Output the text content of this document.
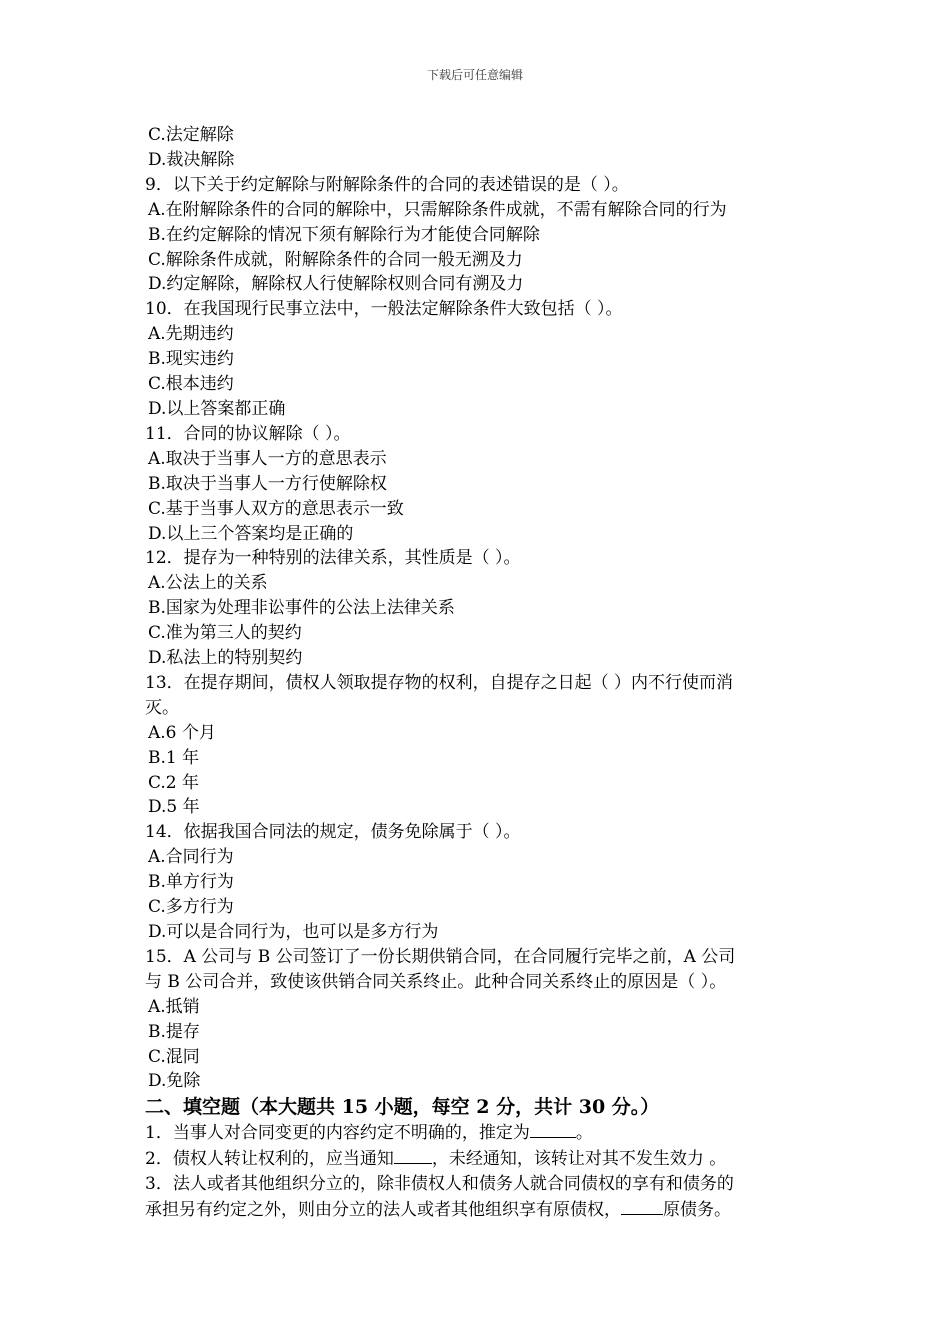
下载后可任意编辑
C.法定解除
D.裁决解除
9．以下关于约定解除与附解除条件的合同的表述错误的是（ ）。
A.在附解除条件的合同的解除中，只需解除条件成就，不需有解除合同的行为
B.在约定解除的情况下须有解除行为才能使合同解除
C.解除条件成就，附解除条件的合同一般无溯及力
D.约定解除，解除权人行使解除权则合同有溯及力
10．在我国现行民事立法中，一般法定解除条件大致包括（ ）。
A.先期违约
B.现实违约
C.根本违约
D.以上答案都正确
11．合同的协议解除（ ）。
A.取决于当事人一方的意思表示
B.取决于当事人一方行使解除权
C.基于当事人双方的意思表示一致
D.以上三个答案均是正确的
12．提存为一种特别的法律关系，其性质是（ ）。
A.公法上的关系
B.国家为处理非讼事件的公法上法律关系
C.准为第三人的契约
D.私法上的特别契约
13．在提存期间，债权人领取提存物的权利，自提存之日起（ ）内不行使而消
灭。
A.6 个月
B.1 年
C.2 年
D.5 年
14．依据我国合同法的规定，债务免除属于（ ）。
A.合同行为
B.单方行为
C.多方行为
D.可以是合同行为，也可以是多方行为
15．A 公司与 B 公司签订了一份长期供销合同，在合同履行完毕之前，A 公司
与 B 公司合并，致使该供销合同关系终止。此种合同关系终止的原因是（ ）。
A.抵销
B.提存
C.混同
D.免除
二、填空题（本大题共 15 小题，每空 2 分，共计 30 分。）
1．当事人对合同变更的内容约定不明确的，推定为	。
2．债权人转让权利的，应当通知 ，未经通知，该转让对其不发生效力 。
3．法人或者其他组织分立的，除非债权人和债务人就合同债权的享有和债务的
承担另有约定之外，则由分立的法人或者其他组织享有原债权， 原债务。
